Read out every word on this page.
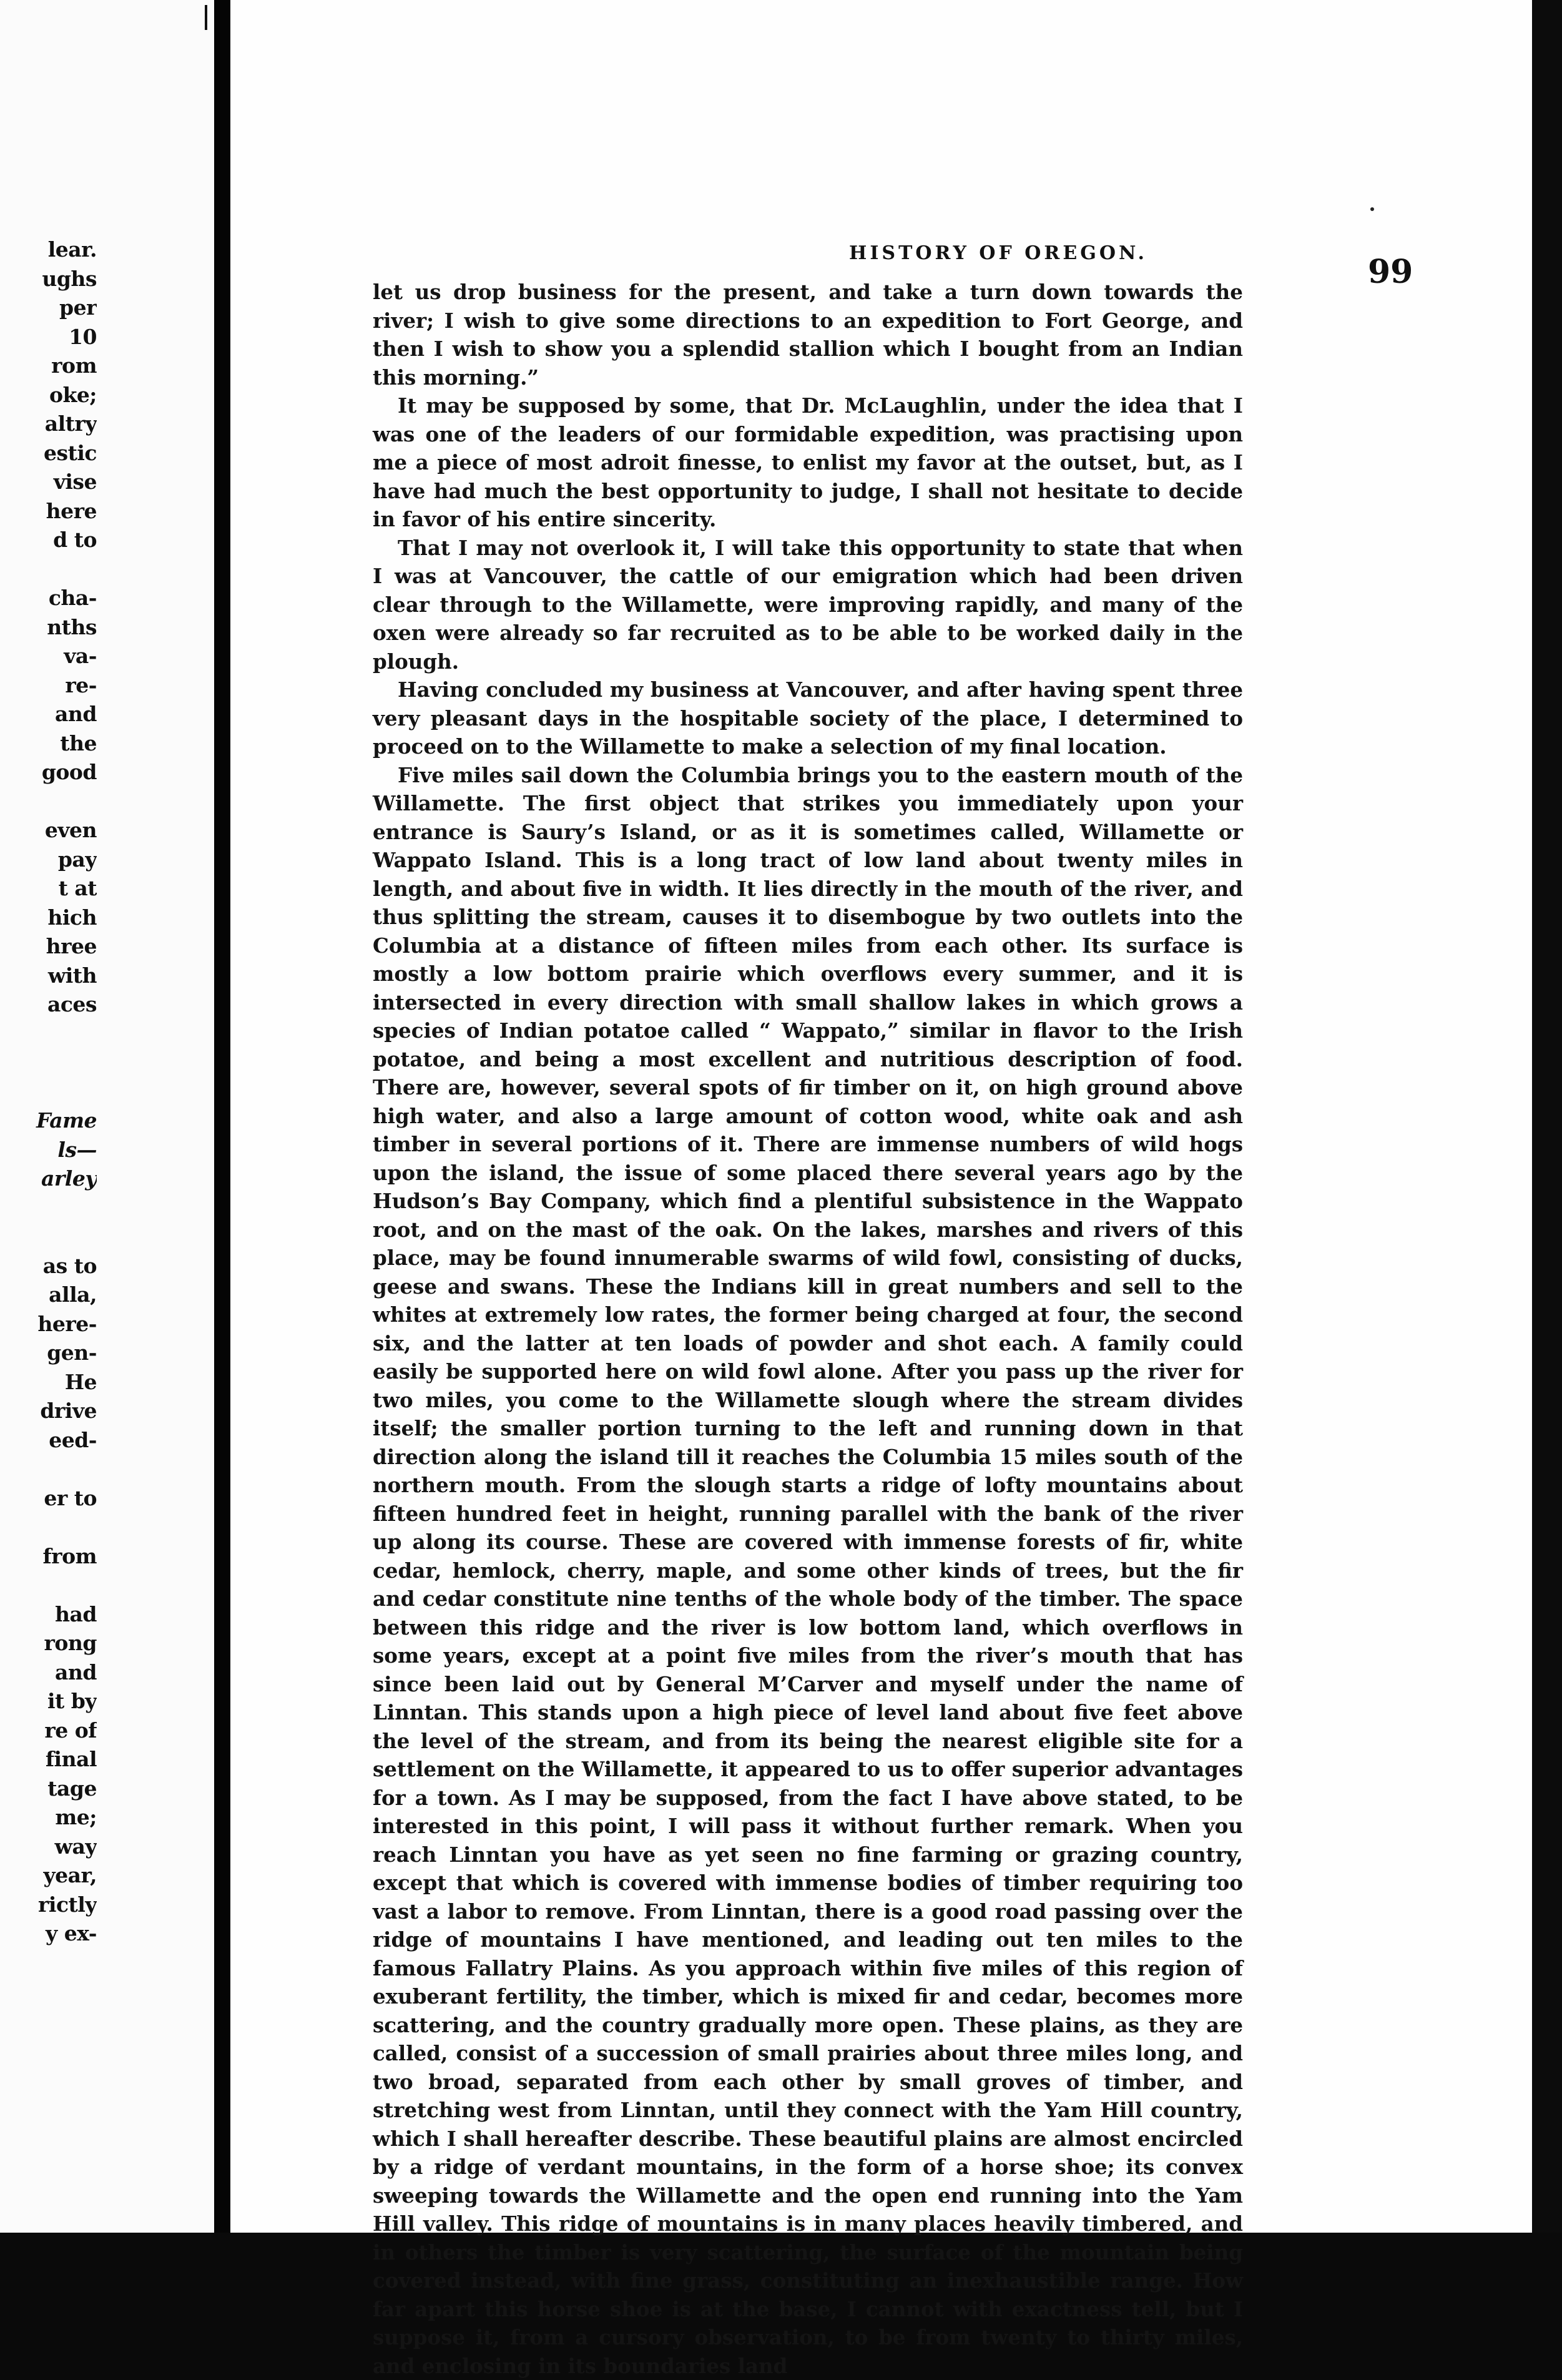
lear.
ughs
per
10
rom
oke;
altry
estic
vise
here
d to
cha-
nths
va-
re-
and
the
good
even
pay
t at
hich
hree
with
aces
Fame
ls—
arley
as to
alla,
here-
gen-
He
drive
eed-
er to
from
had
rong
and
it by
re of
final
tage
me;
way
year,
rictly
y ex-
HISTORY OF OREGON.	99

let us drop business for the present, and take a turn down towards the river; I wish to give some directions to an expedition to Fort George, and then I wish to show you a splendid stallion which I bought from an Indian this morning.”

It may be supposed by some, that Dr. McLaughlin, under the idea that I was one of the leaders of our formidable expedition, was practising upon me a piece of most adroit finesse, to enlist my favor at the outset, but, as I have had much the best opportunity to judge, I shall not hesitate to decide in favor of his entire sincerity.

That I may not overlook it, I will take this opportunity to state that when I was at Vancouver, the cattle of our emigration which had been driven clear through to the Willamette, were improving rapidly, and many of the oxen were already so far recruited as to be able to be worked daily in the plough.

Having concluded my business at Vancouver, and after having spent three very pleasant days in the hospitable society of the place, I determined to proceed on to the Willamette to make a selection of my final location.

Five miles sail down the Columbia brings you to the eastern mouth of the Willamette. The first object that strikes you immediately upon your entrance is Saury’s Island, or as it is sometimes called, Willamette or Wappato Island. This is a long tract of low land about twenty miles in length, and about five in width. It lies directly in the mouth of the river, and thus splitting the stream, causes it to disembogue by two outlets into the Columbia at a distance of fifteen miles from each other. Its surface is mostly a low bottom prairie which overflows every summer, and it is intersected in every direction with small shallow lakes in which grows a species of Indian potatoe called “ Wappato,” similar in flavor to the Irish potatoe, and being a most excellent and nutritious description of food. There are, however, several spots of fir timber on it, on high ground above high water, and also a large amount of cotton wood, white oak and ash timber in several portions of it. There are immense numbers of wild hogs upon the island, the issue of some placed there several years ago by the Hudson’s Bay Company, which find a plentiful subsistence in the Wappato root, and on the mast of the oak. On the lakes, marshes and rivers of this place, may be found innumerable swarms of wild fowl, consisting of ducks, geese and swans. These the Indians kill in great numbers and sell to the whites at extremely low rates, the former being charged at four, the second six, and the latter at ten loads of powder and shot each. A family could easily be supported here on wild fowl alone. After you pass up the river for two miles, you come to the Willamette slough where the stream divides itself; the smaller portion turning to the left and running down in that direction along the island till it reaches the Columbia 15 miles south of the northern mouth. From the slough starts a ridge of lofty mountains about fifteen hundred feet in height, running parallel with the bank of the river up along its course. These are covered with immense forests of fir, white cedar, hemlock, cherry, maple, and some other kinds of trees, but the fir and cedar constitute nine tenths of the whole body of the timber. The space between this ridge and the river is low bottom land, which overflows in some years, except at a point five miles from the river’s mouth that has since been laid out by General M’Carver and myself under the name of Linntan. This stands upon a high piece of level land about five feet above the level of the stream, and from its being the nearest eligible site for a settlement on the Willamette, it appeared to us to offer superior advantages for a town. As I may be supposed, from the fact I have above stated, to be interested in this point, I will pass it without further remark. When you reach Linntan you have as yet seen no fine farming or grazing country, except that which is covered with immense bodies of timber requiring too vast a labor to remove. From Linntan, there is a good road passing over the ridge of mountains I have mentioned, and leading out ten miles to the famous Fallatry Plains. As you approach within five miles of this region of exuberant fertility, the timber, which is mixed fir and cedar, becomes more scattering, and the country gradually more open. These plains, as they are called, consist of a succession of small prairies about three miles long, and two broad, separated from each other by small groves of timber, and stretching west from Linntan, until they connect with the Yam Hill country, which I shall hereafter describe. These beautiful plains are almost encircled by a ridge of verdant mountains, in the form of a horse shoe; its convex sweeping towards the Willamette and the open end running into the Yam Hill valley. This ridge of mountains is in many places heavily timbered, and in others the timber is very scattering, the surface of the mountain being covered instead, with fine grass, constituting an inexhaustible range. How far apart this horse shoe is at the base, I cannot with exactness tell, but I suppose it, from a cursory observation, to be from twenty to thirty miles, and enclosing in its boundaries land
